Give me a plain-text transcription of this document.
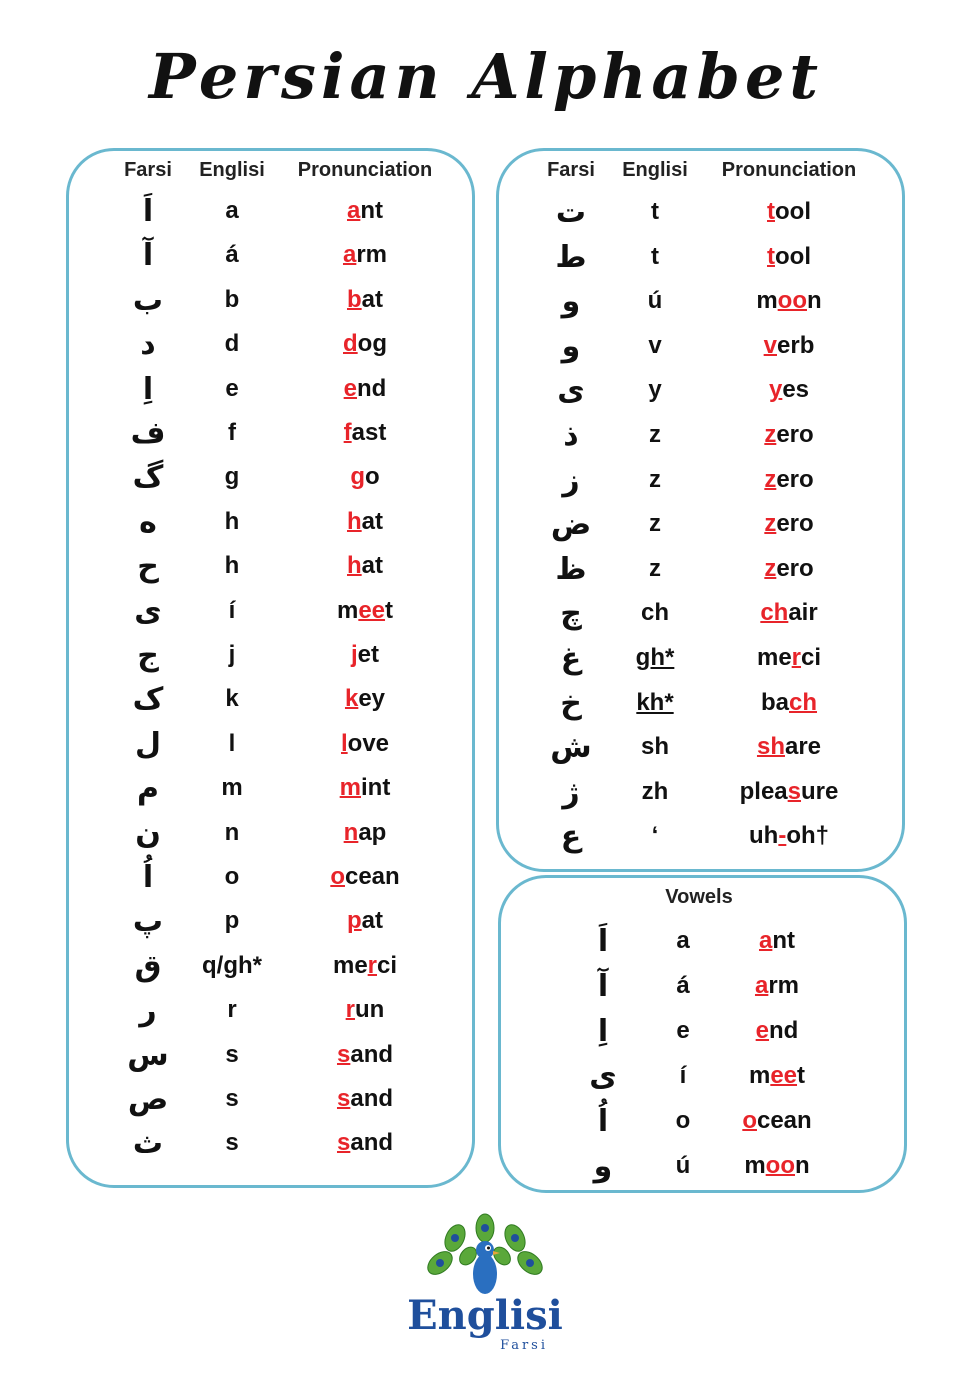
Persian Alphabet
Farsi Englisi Pronunciation
اَ	a	ant
آ	á	arm
ب	b	bat
د	d	dog
اِ	e	end
ف	f	fast
گ	g	go
ه	h	hat
ح	h	hat
ی	í	meet
ج	j	jet
ک	k	key
ل	l	love
م	m	mint
ن	n	nap
اُ	o	ocean
پ	p	pat
ق q/gh*	merci
ر	r	run
س s	sand
ص s	sand
ث	s	sand
Farsi Englisi Pronunciation
ت	t	tool
ط	t	tool
و	ú	moon
و	v	verb
ی	y	yes
ذ	z	zero
ز	z	zero
ض z	zero
ظ	z	zero
چ ch	chair
غ gh*	merci
خ kh*	bach
ش sh	share
ژ	zh	pleasure
ع	‘	uh-oh†
Vowels
اَ	a	ant
آ	á	arm
اِ	e	end
ی	í	meet
اُ	o ocean
و	ú moon
Englisi
Farsi
